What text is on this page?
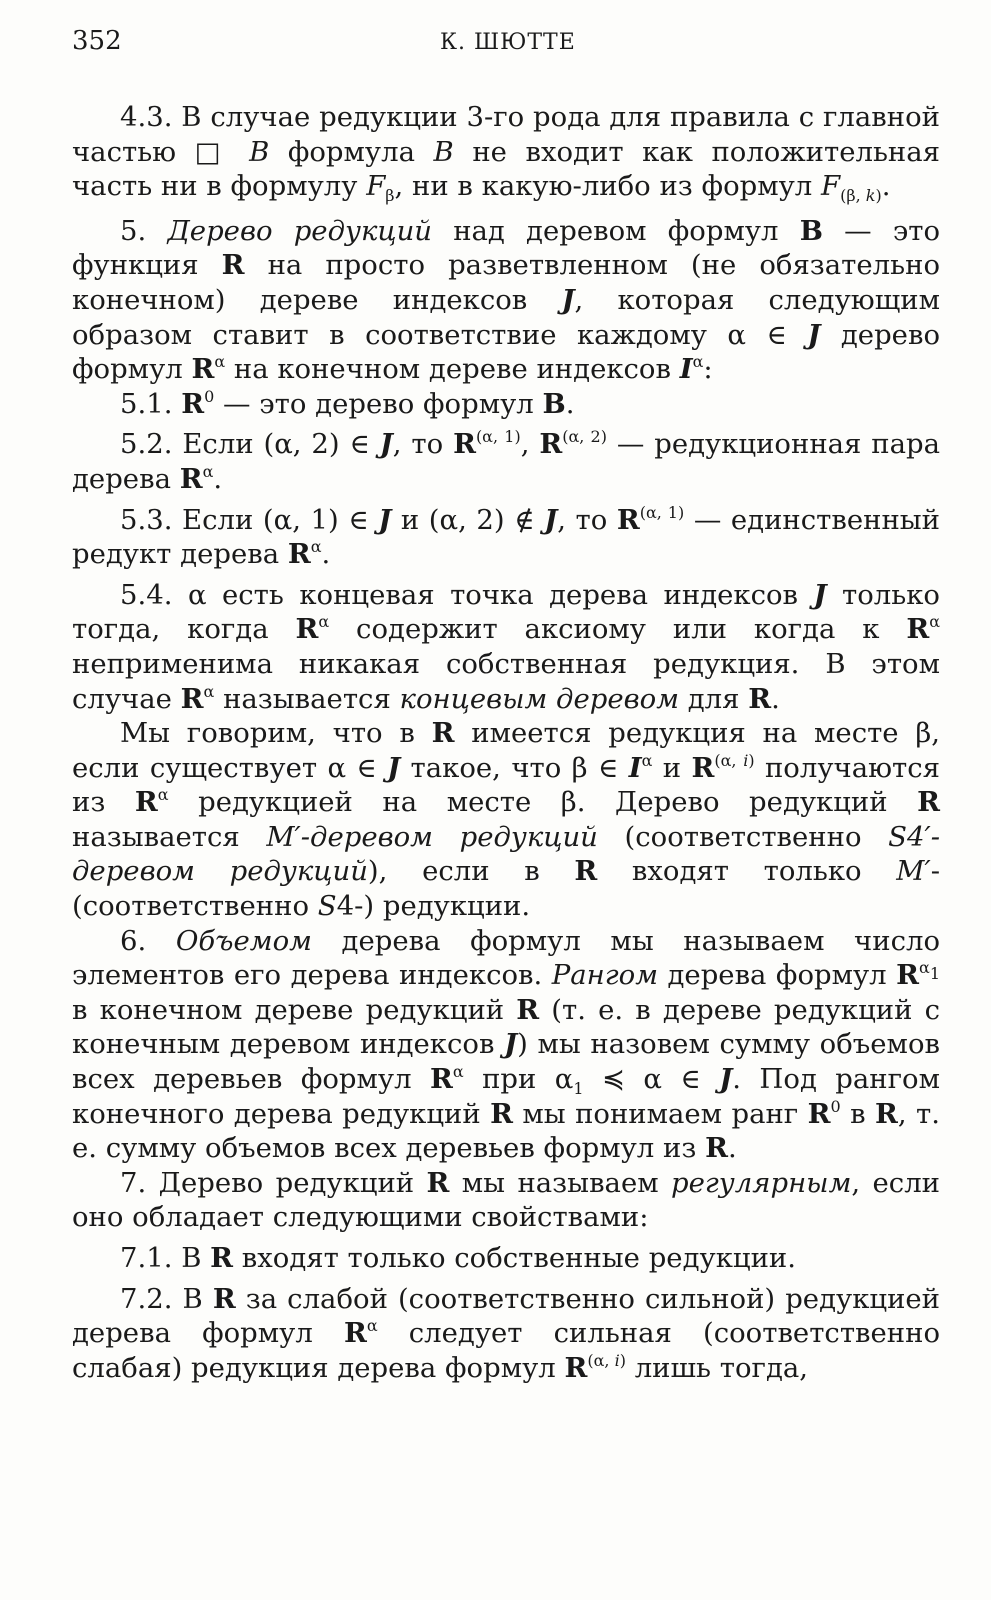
352	К. ШЮТТЕ

4.3. В случае редукции 3-го рода для правила с главной частью □ B формула B не входит как положительная часть ни в формулу $F_\beta$, ни в какую-либо из формул $F_{(\beta, k)}$.

5. Дерево редукций над деревом формул B — это функция R на просто разветвленном (не обязательно конечном) дереве индексов J, которая следующим образом ставит в соответствие каждому α ∈ J дерево формул $R^\alpha$ на конечном дереве индексов $I^\alpha$:

5.1. $R^0$ — это дерево формул B.

5.2. Если (α, 2) ∈ J, то $R^{(\alpha, 1)}$, $R^{(\alpha, 2)}$ — редукционная пара дерева $R^\alpha$.

5.3. Если (α, 1) ∈ J и (α, 2) ∉ J, то $R^{(\alpha, 1)}$ — единственный редукт дерева $R^\alpha$.

5.4. α есть концевая точка дерева индексов J только тогда, когда $R^\alpha$ содержит аксиому или когда к $R^\alpha$ неприменима никакая собственная редукция. В этом случае $R^\alpha$ называется концевым деревом для R.

Мы говорим, что в R имеется редукция на месте β, если существует α ∈ J такое, что β ∈ $I^\alpha$ и $R^{(\alpha, i)}$ получаются из $R^\alpha$ редукцией на месте β. Дерево редукций R называется M′-деревом редукций (соответственно S4′-деревом редукций), если в R входят только M′-(соответственно S4-) редукции.

6. Объемом дерева формул мы называем число элементов его дерева индексов. Рангом дерева формул $R^{\alpha_1}$ в конечном дереве редукций R (т. е. в дереве редукций с конечным деревом индексов J) мы назовем сумму объемов всех деревьев формул $R^\alpha$ при $\alpha_1$ ≼ α ∈ J. Под рангом конечного дерева редукций R мы понимаем ранг $R^0$ в R, т. е. сумму объемов всех деревьев формул из R.

7. Дерево редукций R мы называем регулярным, если оно обладает следующими свойствами:

7.1. В R входят только собственные редукции.

7.2. В R за слабой (соответственно сильной) редукцией дерева формул $R^\alpha$ следует сильная (соответственно слабая) редукция дерева формул $R^{(\alpha, i)}$ лишь тогда,
